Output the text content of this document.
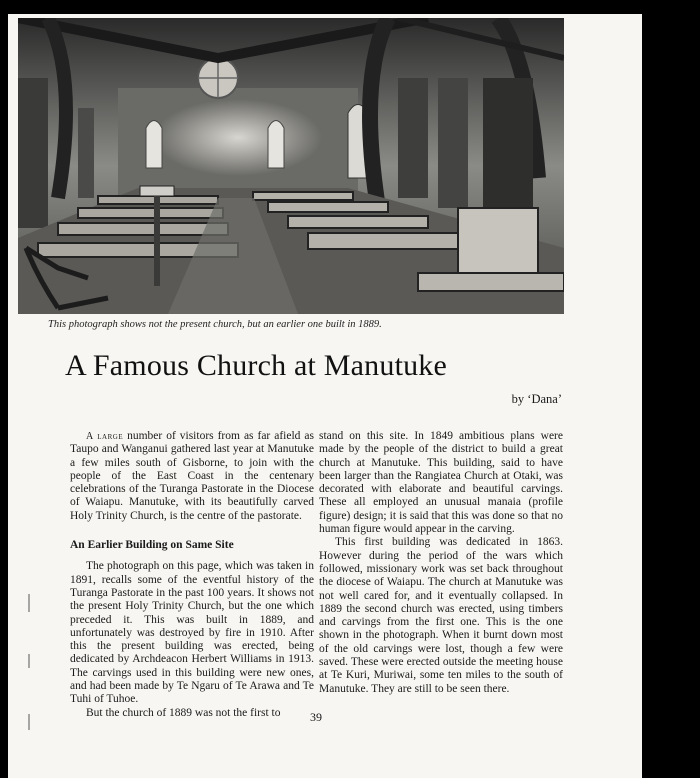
This photograph shows not the present church, but an earlier one built in 1889.
A Famous Church at Manutuke
by ‘Dana’

A large number of visitors from as far afield as Taupo and Wanganui gathered last year at Manutuke a few miles south of Gisborne, to join with the people of the East Coast in the centenary celebrations of the Turanga Pastorate in the Diocese of Waiapu. Manutuke, with its beautifully carved Holy Trinity Church, is the centre of the pastorate.

An Earlier Building on Same Site

The photograph on this page, which was taken in 1891, recalls some of the eventful history of the Turanga Pastorate in the past 100 years. It shows not the present Holy Trinity Church, but the one which preceded it. This was built in 1889, and unfortunately was destroyed by fire in 1910. After this the present building was erected, being dedicated by Archdeacon Herbert Williams in 1913. The carvings used in this building were new ones, and had been made by Te Ngaru of Te Arawa and Te Tuhi of Tuhoe.

But the church of 1889 was not the first to

stand on this site. In 1849 ambitious plans were made by the people of the district to build a great church at Manutuke. This building, said to have been larger than the Rangiatea Church at Otaki, was decorated with elaborate and beautiful carvings. These all employed an unusual manaia (profile figure) design; it is said that this was done so that no human figure would appear in the carving.

This first building was dedicated in 1863. However during the period of the wars which followed, missionary work was set back throughout the diocese of Waiapu. The church at Manutuke was not well cared for, and it eventually collapsed. In 1889 the second church was erected, using timbers and carvings from the first one. This is the one shown in the photograph. When it burnt down most of the old carvings were lost, though a few were saved. These were erected outside the meeting house at Te Kuri, Muriwai, some ten miles to the south of Manutuke. They are still to be seen there.

39
